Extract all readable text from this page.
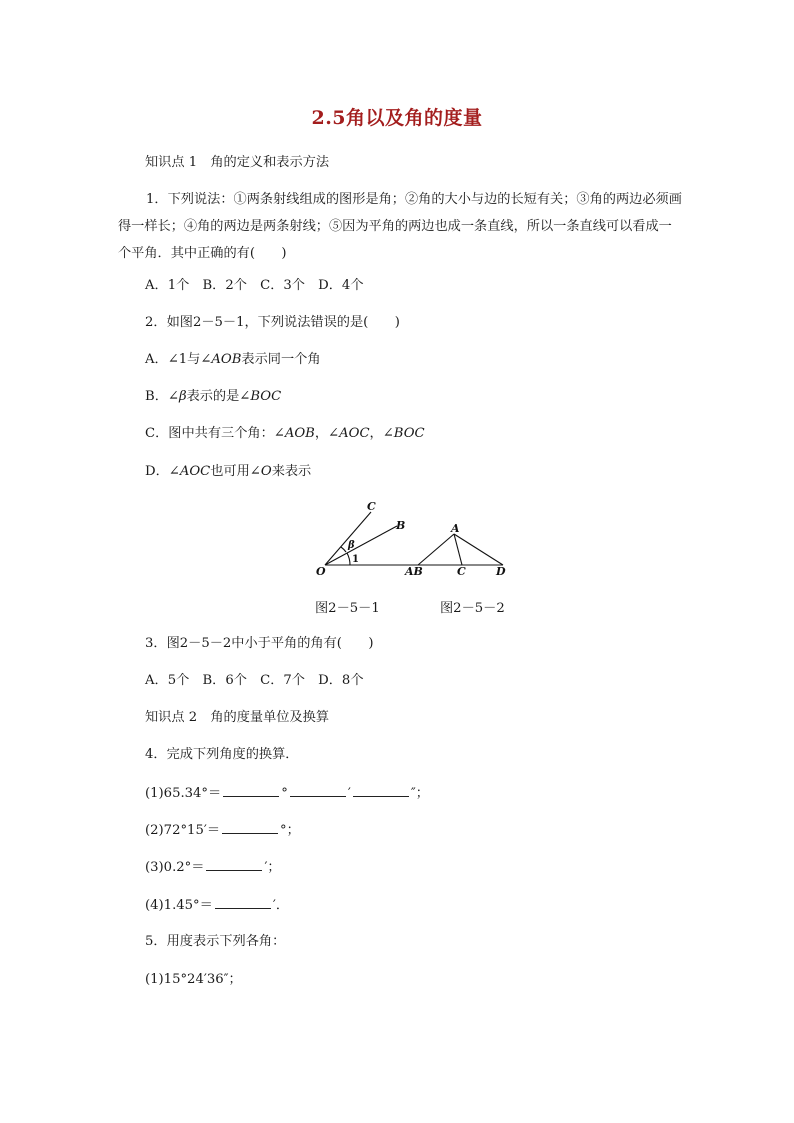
2.5角以及角的度量
知识点 1　角的定义和表示方法
1．下列说法：①两条射线组成的图形是角；②角的大小与边的长短有关；③角的两边必须画得一样长；④角的两边是两条射线；⑤因为平角的两边也成一条直线，所以一条直线可以看成一个平角．其中正确的有(　　)
A．1个　B．2个　C．3个　D．4个
2．如图2－5－1，下列说法错误的是(　　)
A．∠1与∠AOB表示同一个角
B．∠β表示的是∠BOC
C．图中共有三个角：∠AOB，∠AOC，∠BOC
D．∠AOC也可用∠O来表示
C
B
O
β
A
AB	C	D
1
图2－5－1	图2－5－2
3．图2－5－2中小于平角的角有(　　)
A．5个　B．6个　C．7个　D．8个
知识点 2　角的度量单位及换算
4．完成下列角度的换算．
(1)65.34°＝	°	′	″；
(2)72°15′＝	°；
(3)0.2°＝	′；
(4)1.45°＝	′．
5．用度表示下列各角：
(1)15°24′36″；
